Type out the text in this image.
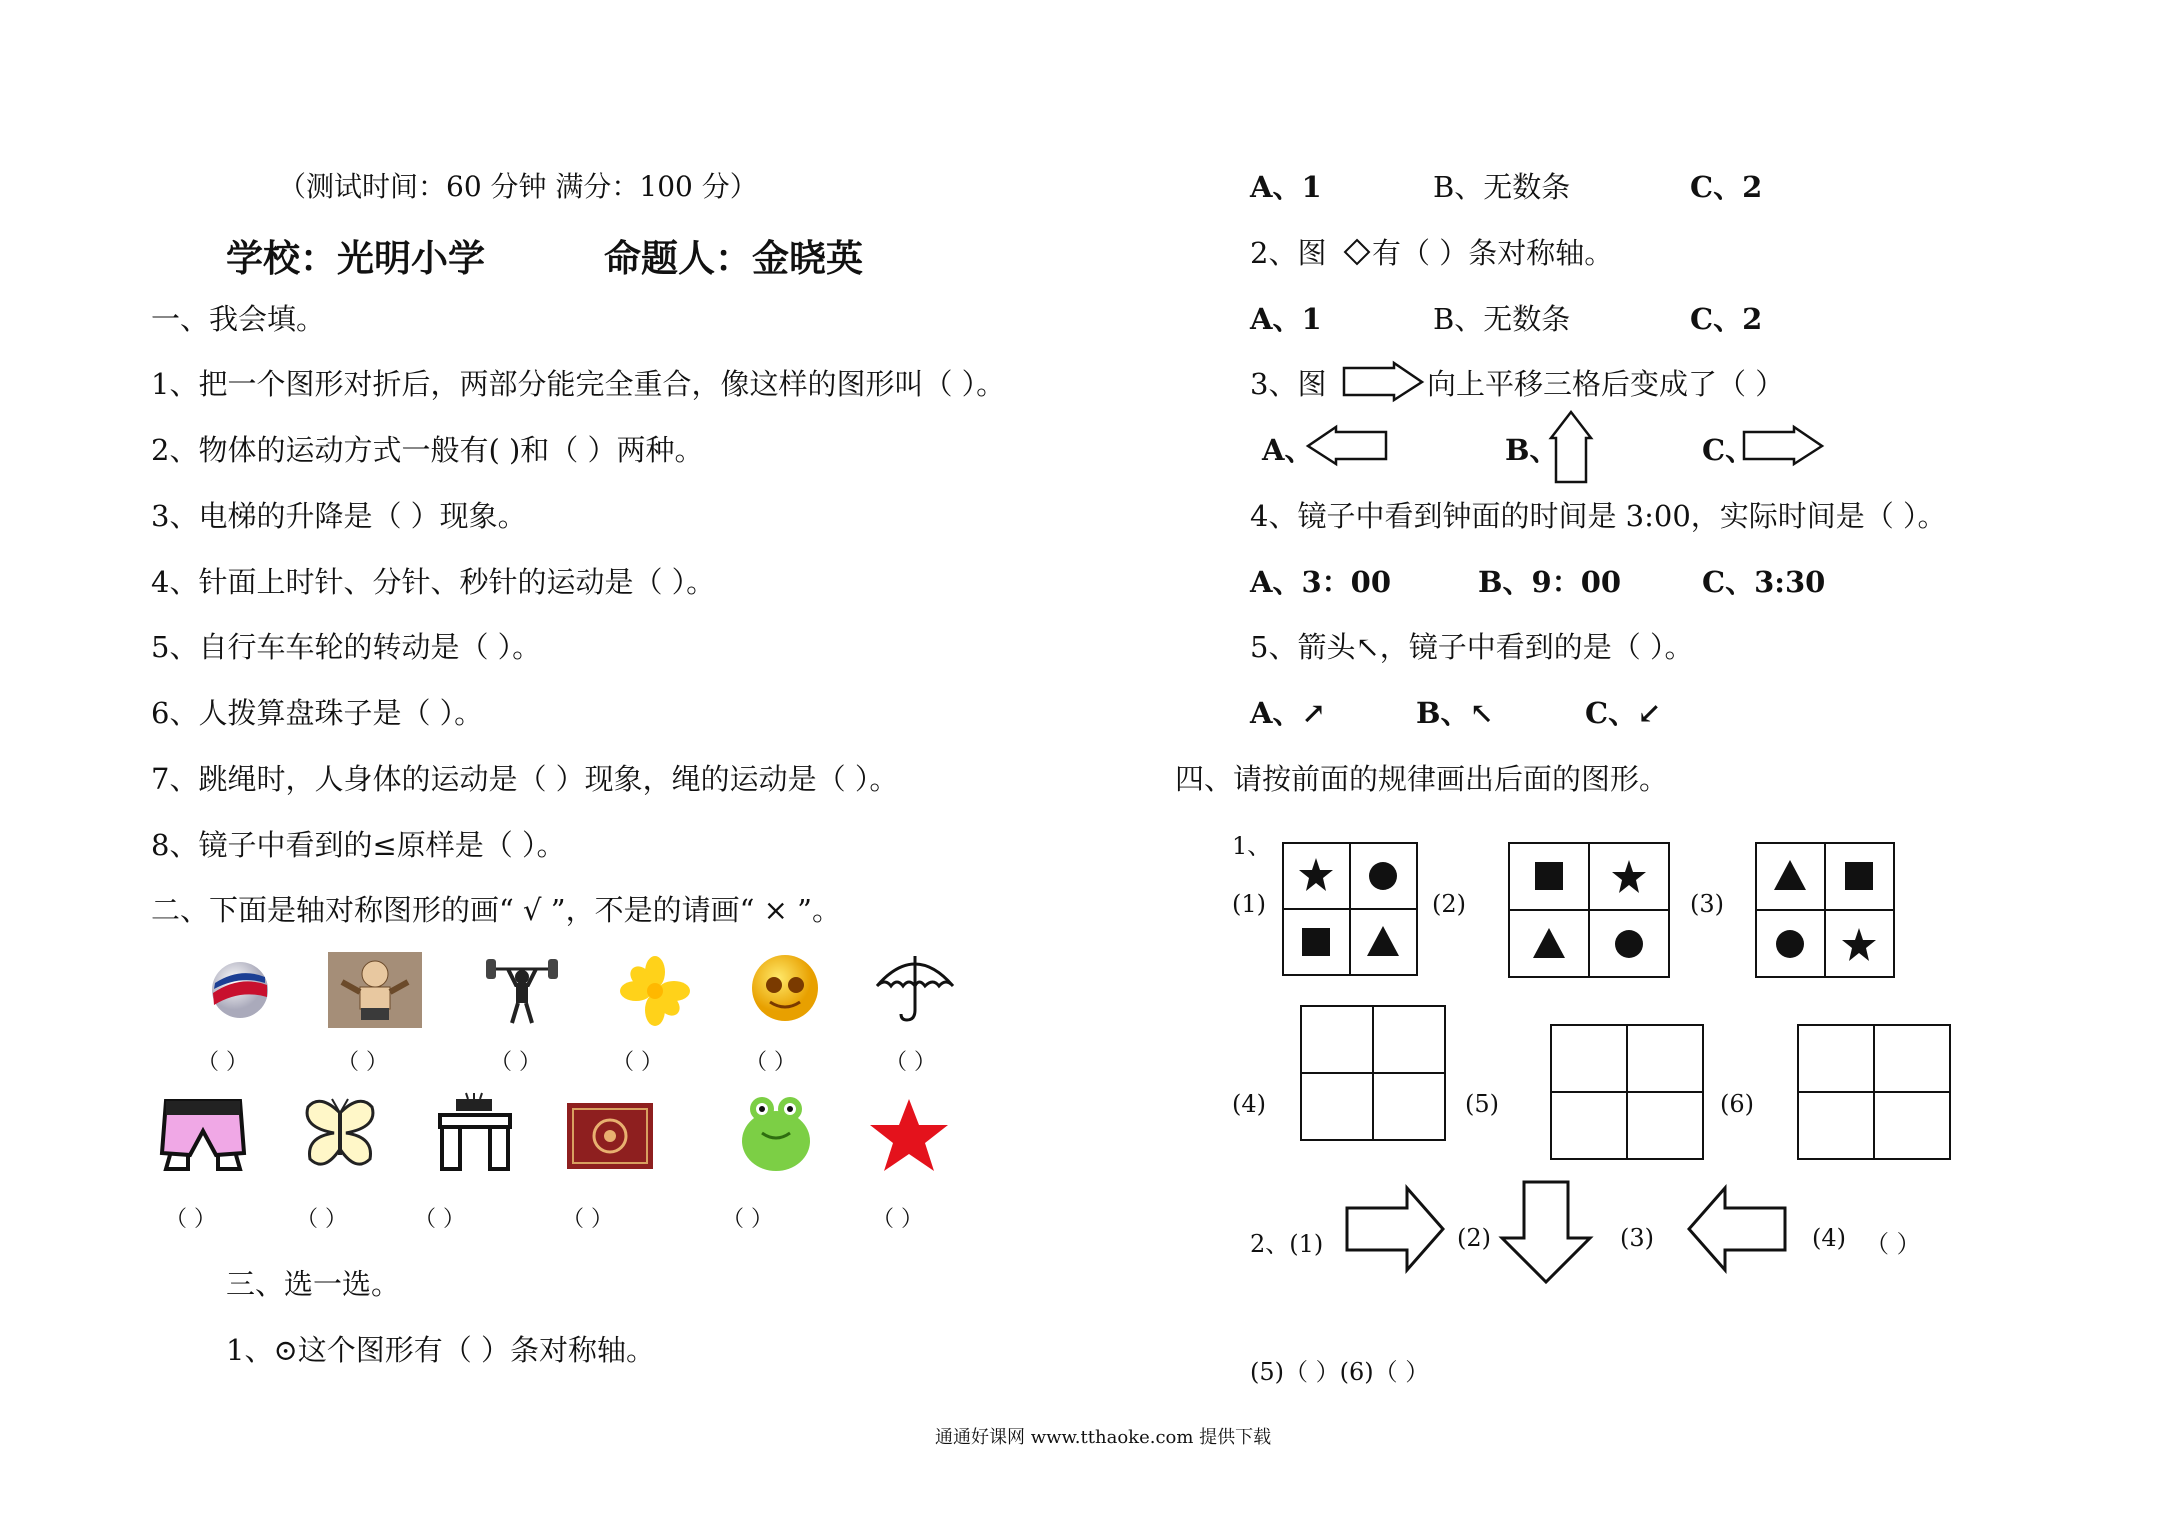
（测试时间：60 分钟 满分：100 分）
学校：光明小学	命题人：金晓英
一、我会填。
1、把一个图形对折后，两部分能完全重合，像这样的图形叫（ ）。
2、物体的运动方式一般有( )和（ ）两种。
3、电梯的升降是（ ）现象。
4、针面上时针、分针、秒针的运动是（ ）。
5、自行车车轮的转动是（ ）。
6、人拨算盘珠子是（ ）。
7、跳绳时，人身体的运动是（ ）现象，绳的运动是（ ）。
8、镜子中看到的≤原样是（ ）。
二、下面是轴对称图形的画“ √ ”，不是的请画“ × ”。
（ ）	（ ）	（ ）	（ ）	（ ）	（ ）
（ ）	（ ）	（ ）	（ ）	（ ）	（ ）
三、选一选。
1、⊙这个图形有（ ）条对称轴。
A、1	B、无数条	C、2
2、图 有（ ）条对称轴。
A、1	B、无数条	C、2
3、图	向上平移三格后变成了（ ）
A、	B、	C、
4、镜子中看到钟面的时间是 3:00，实际时间是（ ）。
A、3：00	B、9：00	C、3:30
5、箭头↖，镜子中看到的是（ ）。
A、↗	B、↖	C、↙
四、请按前面的规律画出后面的图形。
1、
(1)	(2)	(3)
(4)	(5)	(6)
2、(1)	(2)	(3)	(4) （ ）
(5)（ ）(6)（ ）
通通好课网 www.tthaoke.com 提供下载
